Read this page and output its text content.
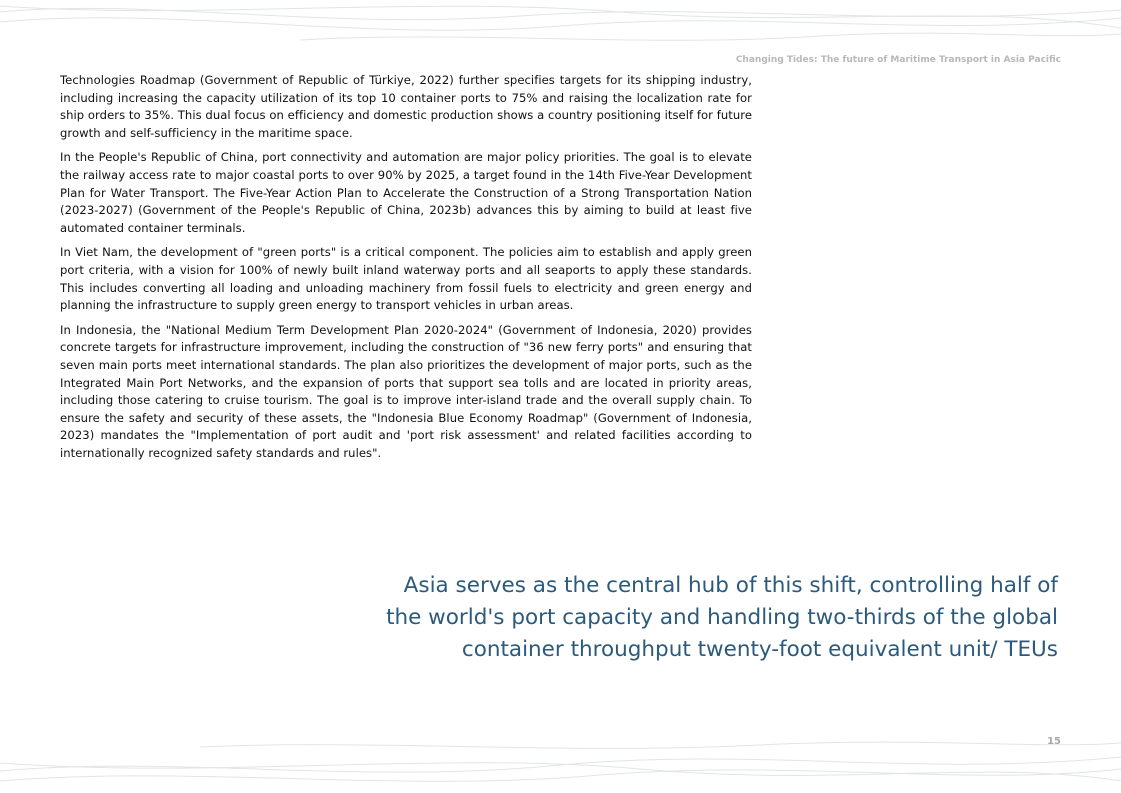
Changing Tides: The future of Maritime Transport in Asia Pacific

Technologies Roadmap (Government of Republic of Türkiye, 2022) further specifies targets for its shipping industry, including increasing the capacity utilization of its top 10 container ports to 75% and raising the localization rate for ship orders to 35%. This dual focus on efficiency and domestic production shows a country positioning itself for future growth and self-sufficiency in the maritime space.

In the People's Republic of China, port connectivity and automation are major policy priorities. The goal is to elevate the railway access rate to major coastal ports to over 90% by 2025, a target found in the 14th Five-Year Development Plan for Water Transport. The Five-Year Action Plan to Accelerate the Construction of a Strong Transportation Nation (2023-2027) (Government of the People's Republic of China, 2023b) advances this by aiming to build at least five automated container terminals.

In Viet Nam, the development of "green ports" is a critical component. The policies aim to establish and apply green port criteria, with a vision for 100% of newly built inland waterway ports and all seaports to apply these standards. This includes converting all loading and unloading machinery from fossil fuels to electricity and green energy and planning the infrastructure to supply green energy to transport vehicles in urban areas.

In Indonesia, the "National Medium Term Development Plan 2020-2024" (Government of Indonesia, 2020) provides concrete targets for infrastructure improvement, including the construction of "36 new ferry ports" and ensuring that seven main ports meet international standards. The plan also prioritizes the development of major ports, such as the Integrated Main Port Networks, and the expansion of ports that support sea tolls and are located in priority areas, including those catering to cruise tourism. The goal is to improve inter-island trade and the overall supply chain. To ensure the safety and security of these assets, the "Indonesia Blue Economy Roadmap" (Government of Indonesia, 2023) mandates the "Implementation of port audit and 'port risk assessment' and related facilities according to internationally recognized safety standards and rules".

Asia serves as the central hub of this shift, controlling half of
the world's port capacity and handling two-thirds of the global
container throughput twenty-foot equivalent unit/ TEUs
15
